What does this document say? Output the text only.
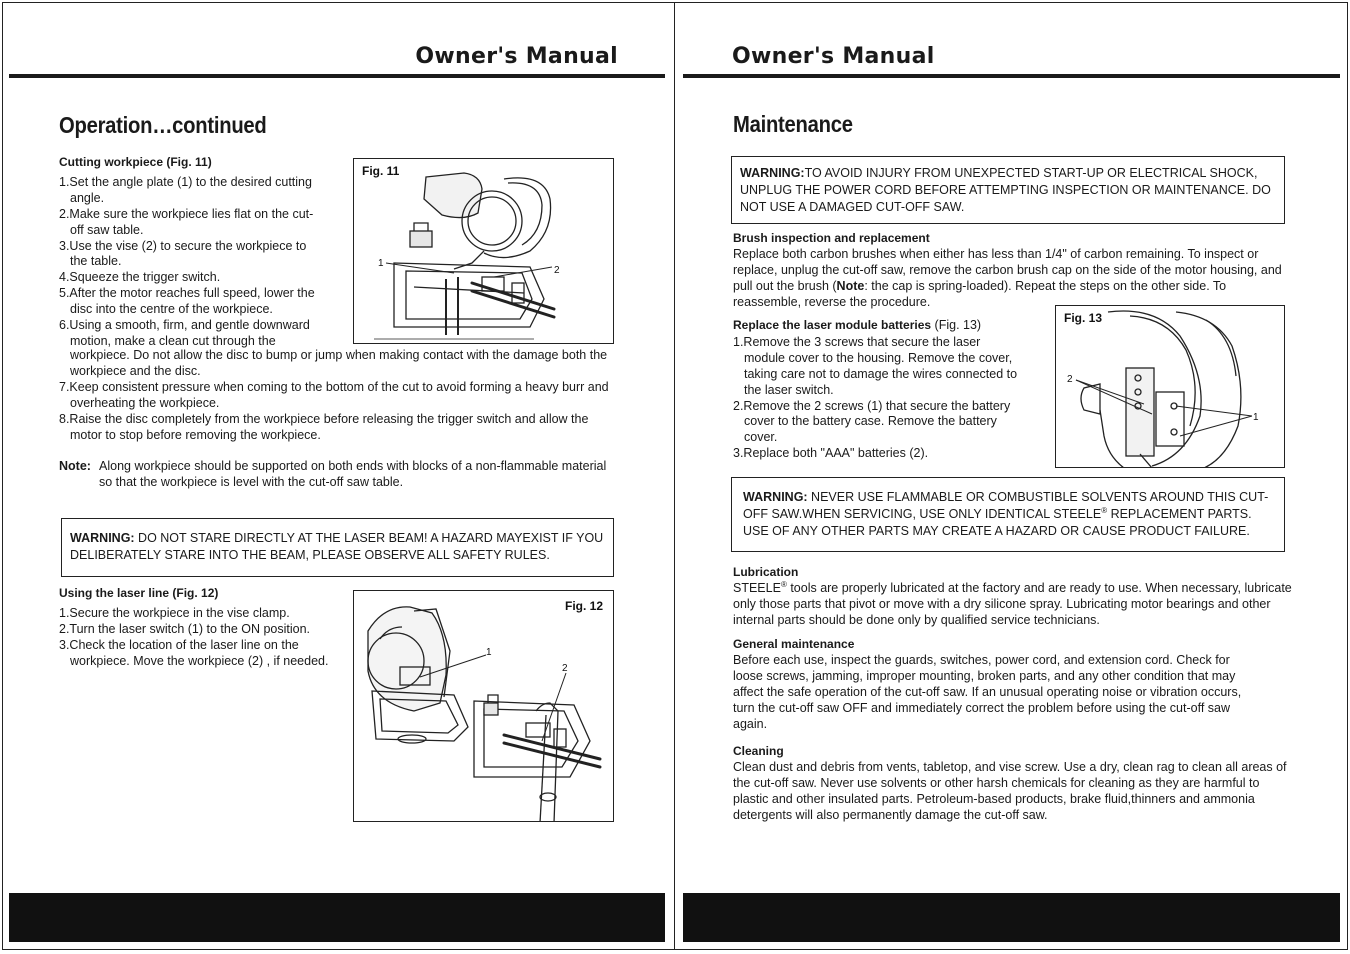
Owner's Manual
Operation…continued
Cutting workpiece (Fig. 11)
1.Set the angle plate (1) to the desired cutting angle.
2.Make sure the workpiece lies flat on the cut-off saw table.
3.Use the vise (2) to secure the workpiece to the table.
4.Squeeze the trigger switch.
5.After the motor reaches full speed, lower the disc into the centre of the workpiece.
6.Using a smooth, firm, and gentle downward motion, make a clean cut through the
workpiece. Do not allow the disc to bump or jump when making contact with the damage both the workpiece and the disc.
7.Keep consistent pressure when coming to the bottom of the cut to avoid forming a heavy burr and overheating the workpiece.
8.Raise the disc completely from the workpiece before releasing the trigger switch and allow the motor to stop before removing the workpiece.
Note: Along workpiece should be supported on both ends with blocks of a non-flammable material so that the workpiece is level with the cut-off saw table.
WARNING: DO NOT STARE DIRECTLY AT THE LASER BEAM! A HAZARD MAYEXIST IF YOU DELIBERATELY STARE INTO THE BEAM, PLEASE OBSERVE ALL SAFETY RULES.
Using the laser line (Fig. 12)
1.Secure the workpiece in the vise clamp.
2.Turn the laser switch (1) to the ON position.
3.Check the location of the laser line on the workpiece. Move the workpiece (2) , if needed.
Fig. 11
1
2
Fig. 12
1
2
Owner's Manual
Maintenance
WARNING:TO AVOID INJURY FROM UNEXPECTED START-UP OR ELECTRICAL SHOCK, UNPLUG THE POWER CORD BEFORE ATTEMPTING INSPECTION OR MAINTENANCE. DO NOT USE A DAMAGED CUT-OFF SAW.
Brush inspection and replacement
Replace both carbon brushes when either has less than 1/4" of carbon remaining. To inspect or replace, unplug the cut-off saw, remove the carbon brush cap on the side of the motor housing, and pull out the brush (Note: the cap is spring-loaded). Repeat the steps on the other side. To reassemble, reverse the procedure.
Replace the laser module batteries (Fig. 13)
1.Remove the 3 screws that secure the laser module cover to the housing. Remove the cover, taking care not to damage the wires connected to the laser switch.
2.Remove the 2 screws (1) that secure the battery cover to the battery case. Remove the battery cover.
3.Replace both "AAA" batteries (2).
Fig. 13
2
1
WARNING: NEVER USE FLAMMABLE OR COMBUSTIBLE SOLVENTS AROUND THIS CUT-OFF SAW.WHEN SERVICING, USE ONLY IDENTICAL STEELE® REPLACEMENT PARTS. USE OF ANY OTHER PARTS MAY CREATE A HAZARD OR CAUSE PRODUCT FAILURE.
Lubrication
STEELE® tools are properly lubricated at the factory and are ready to use. When necessary, lubricate only those parts that pivot or move with a dry silicone spray. Lubricating motor bearings and other internal parts should be done only by qualified service technicians.
General maintenance
Before each use, inspect the guards, switches, power cord, and extension cord. Check for loose screws, jamming, improper mounting, broken parts, and any other condition that may affect the safe operation of the cut-off saw. If an unusual operating noise or vibration occurs, turn the cut-off saw OFF and immediately correct the problem before using the cut-off saw again.
Cleaning
Clean dust and debris from vents, tabletop, and vise screw. Use a dry, clean rag to clean all areas of the cut-off saw. Never use solvents or other harsh chemicals for cleaning as they are harmful to plastic and other insulated parts. Petroleum-based products, brake fluid,thinners and ammonia detergents will also permanently damage the cut-off saw.
